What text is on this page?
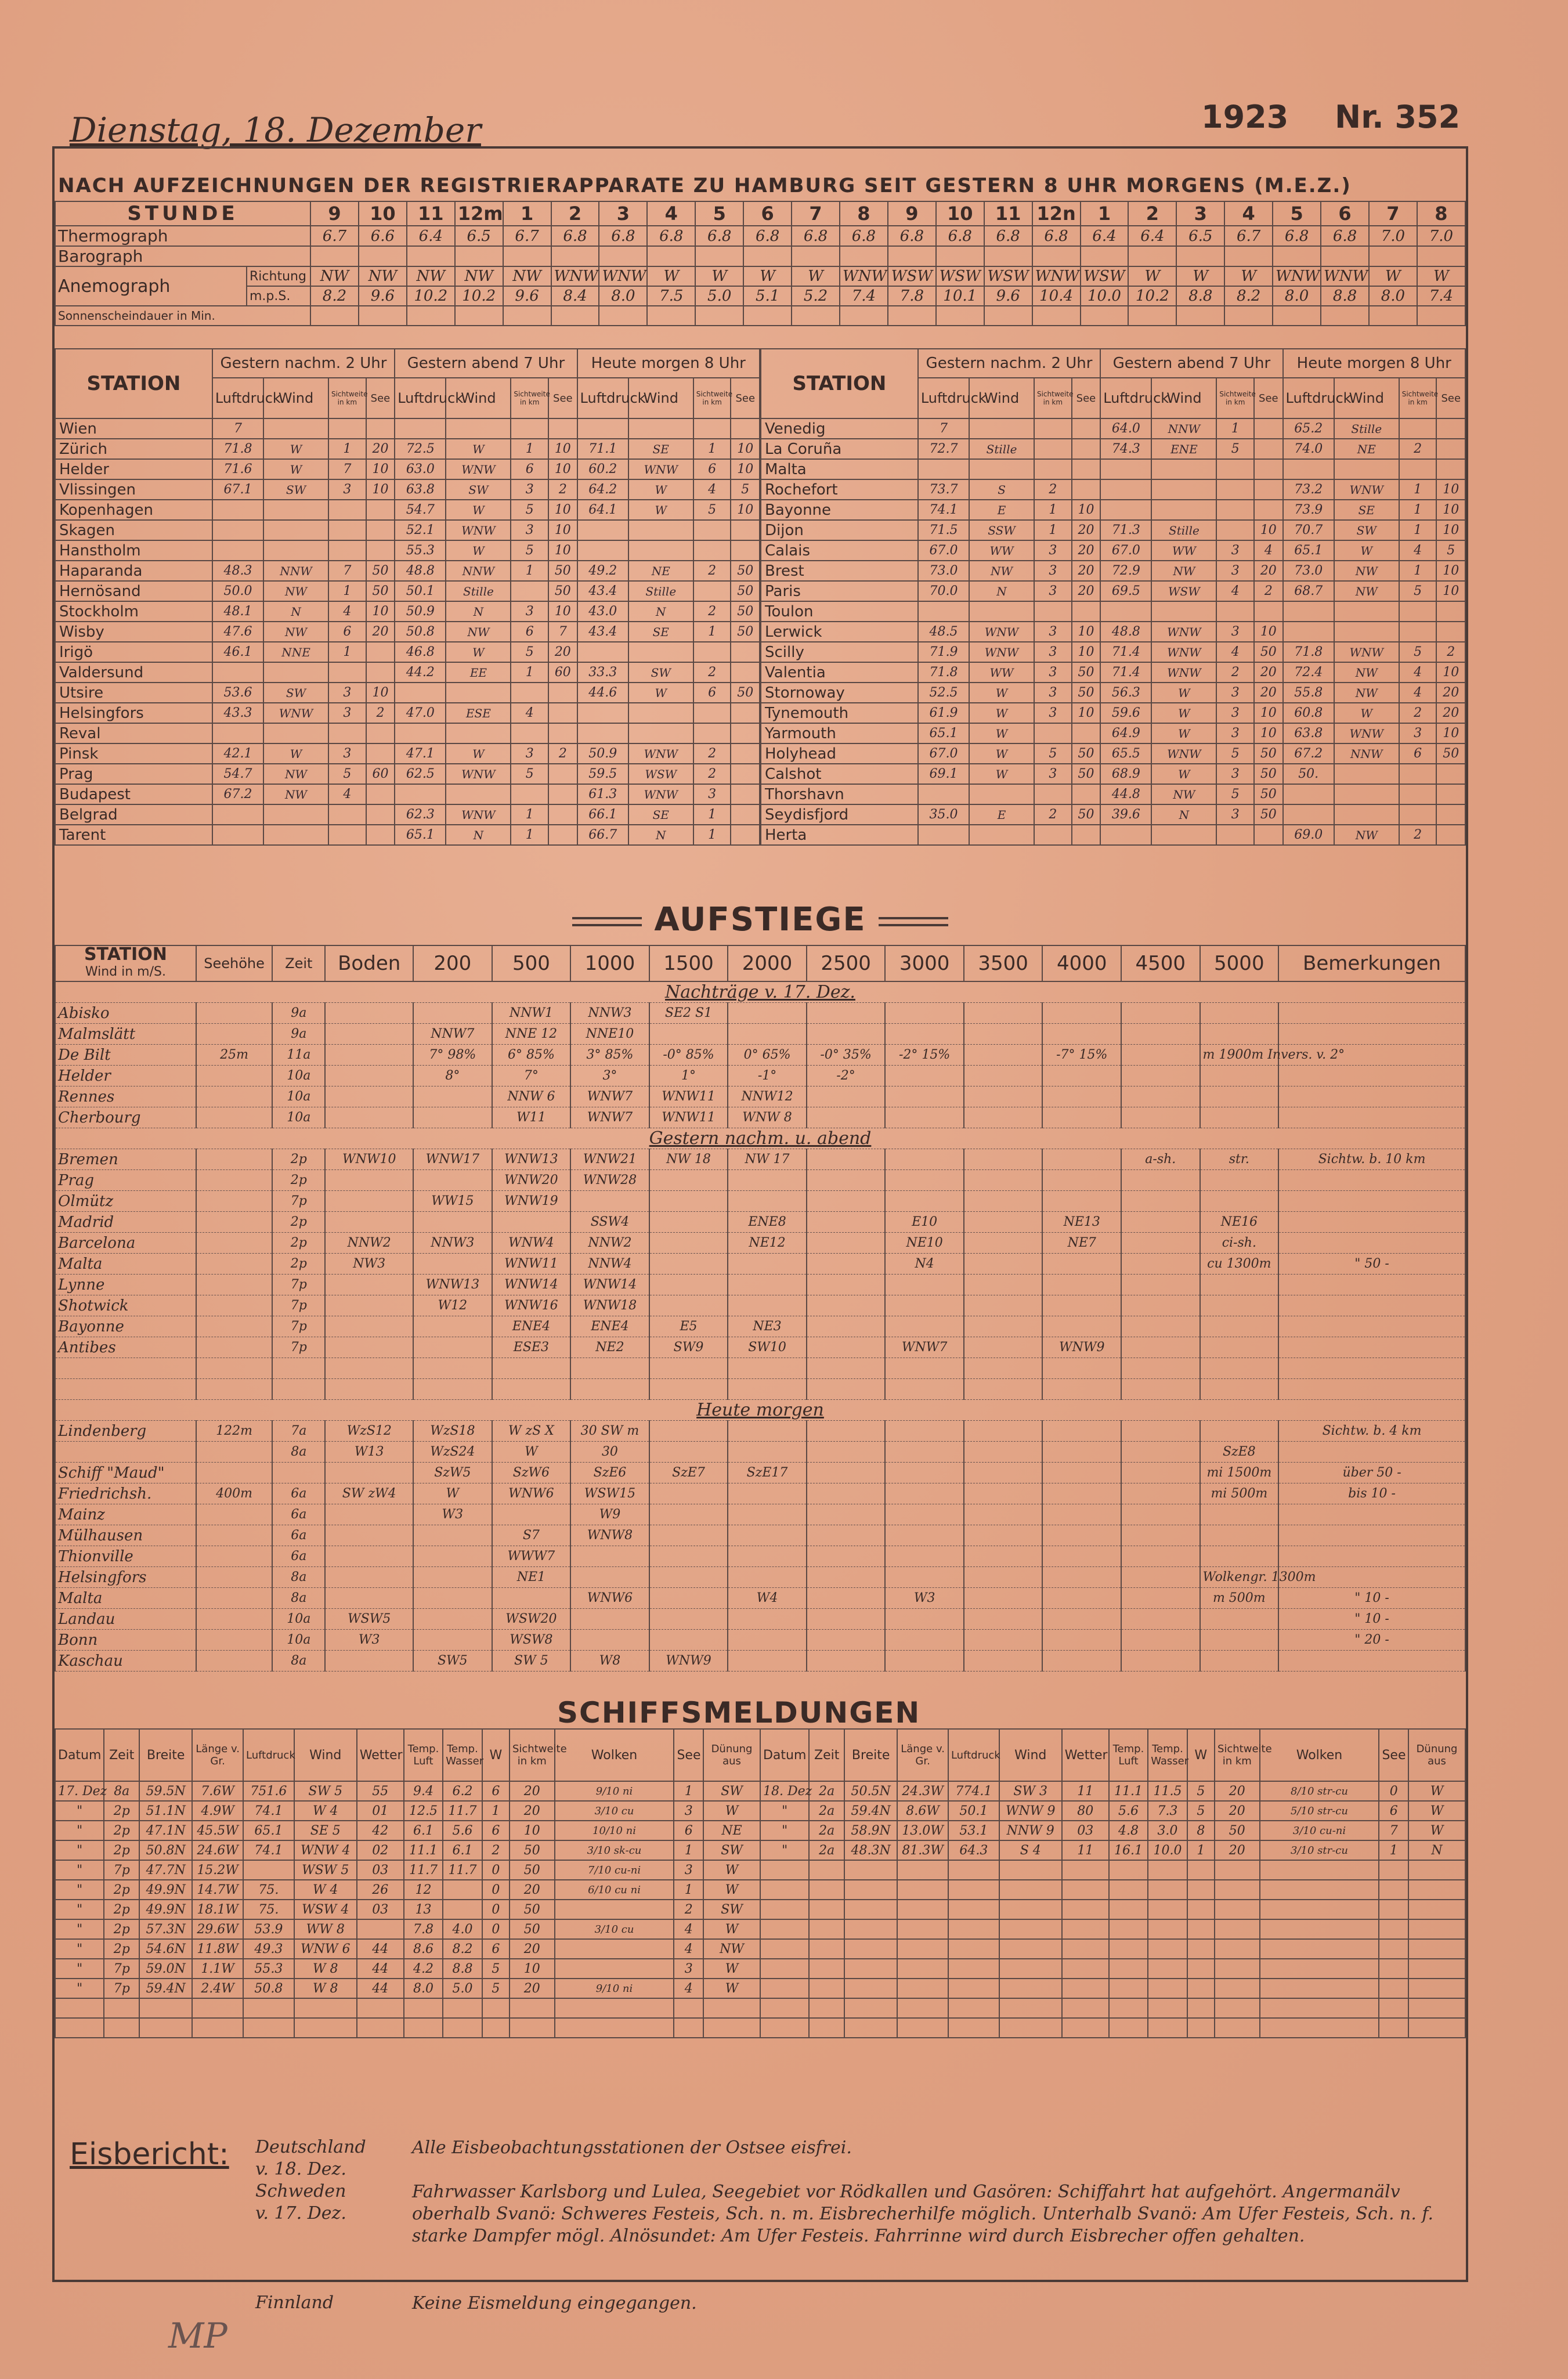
Dienstag, 18. Dezember	1923 Nr. 352
NACH AUFZEICHNUNGEN DER REGISTRIERAPPARATE ZU HAMBURG SEIT GESTERN 8 UHR MORGENS (M.E.Z.)
STUNDE		9	10	11	12m	1	2	3	4	5	6	7	8	9	10	11	12n	1	2	3	4	5	6	7	8
Thermograph		6.7	6.6	6.4	6.5	6.7	6.8	6.8	6.8	6.8	6.8	6.8	6.8	6.8	6.8	6.8	6.8	6.4	6.4	6.5	6.7	6.8	6.8	7.0	7.0
Barograph																									
Anemograph	Richtung	NW	NW	NW	NW	NW	WNW	WNW	W	W	W	W	WNW	WSW	WSW	WSW	WNW	WSW	W	W	W	WNW	WNW	W	W
	m.p.S.	8.2	9.6	10.2	10.2	9.6	8.4	8.0	7.5	5.0	5.1	5.2	7.4	7.8	10.1	9.6	10.4	10.0	10.2	8.8	8.2	8.0	8.8	8.0	7.4
Sonnenscheindauer in Min.																									
STATION	Gestern nachm. 2 Uhr				Gestern abend 7 Uhr				Heute morgen 8 Uhr			
	Luftdruck	Wind	Sichtweite in km	See	Luftdruck	Wind	Sichtweite in km	See	Luftdruck	Wind	Sichtweite in km	See
Wien	7											
Zürich	71.8	W	1	20	72.5	W	1	10	71.1	SE	1	10
Helder	71.6	W	7	10	63.0	WNW	6	10	60.2	WNW	6	10
Vlissingen	67.1	SW	3	10	63.8	SW	3	2	64.2	W	4	5
Kopenhagen					54.7	W	5	10	64.1	W	5	10
Skagen					52.1	WNW	3	10				
Hanstholm					55.3	W	5	10				
Haparanda	48.3	NNW	7	50	48.8	NNW	1	50	49.2	NE	2	50
Hernösand	50.0	NW	1	50	50.1	Stille		50	43.4	Stille		50
Stockholm	48.1	N	4	10	50.9	N	3	10	43.0	N	2	50
Wisby	47.6	NW	6	20	50.8	NW	6	7	43.4	SE	1	50
Irigö	46.1	NNE	1		46.8	W	5	20				
Valdersund					44.2	EE	1	60	33.3	SW	2	
Utsire	53.6	SW	3	10					44.6	W	6	50
Helsingfors	43.3	WNW	3	2	47.0	ESE	4					
Reval												
Pinsk	42.1	W	3		47.1	W	3	2	50.9	WNW	2	
Prag	54.7	NW	5	60	62.5	WNW	5		59.5	WSW	2	
Budapest	67.2	NW	4						61.3	WNW	3	
Belgrad					62.3	WNW	1		66.1	SE	1	
Tarent					65.1	N	1		66.7	N	1	
STATION	Gestern nachm. 2 Uhr				Gestern abend 7 Uhr				Heute morgen 8 Uhr			
	Luftdruck	Wind	Sichtweite in km	See	Luftdruck	Wind	Sichtweite in km	See	Luftdruck	Wind	Sichtweite in km	See
Venedig	7				64.0	NNW	1		65.2	Stille		
La Coruña	72.7	Stille			74.3	ENE	5		74.0	NE	2	
Malta												
Rochefort	73.7	S	2						73.2	WNW	1	10
Bayonne	74.1	E	1	10					73.9	SE	1	10
Dijon	71.5	SSW	1	20	71.3	Stille		10	70.7	SW	1	10
Calais	67.0	WW	3	20	67.0	WW	3	4	65.1	W	4	5
Brest	73.0	NW	3	20	72.9	NW	3	20	73.0	NW	1	10
Paris	70.0	N	3	20	69.5	WSW	4	2	68.7	NW	5	10
Toulon												
Lerwick	48.5	WNW	3	10	48.8	WNW	3	10				
Scilly	71.9	WNW	3	10	71.4	WNW	4	50	71.8	WNW	5	2
Valentia	71.8	WW	3	50	71.4	WNW	2	20	72.4	NW	4	10
Stornoway	52.5	W	3	50	56.3	W	3	20	55.8	NW	4	20
Tynemouth	61.9	W	3	10	59.6	W	3	10	60.8	W	2	20
Yarmouth	65.1	W			64.9	W	3	10	63.8	WNW	3	10
Holyhead	67.0	W	5	50	65.5	WNW	5	50	67.2	NNW	6	50
Calshot	69.1	W	3	50	68.9	W	3	50	50.			
Thorshavn					44.8	NW	5	50				
Seydisfjord	35.0	E	2	50	39.6	N	3	50				
Herta									69.0	NW	2	
AUFSTIEGE
STATION
Wind in m/S.	Seehöhe	Zeit	Boden	200	500	1000	1500	2000	2500	3000	3500	4000	4500	5000	Bemerkungen
Nachträge v. 17. Dez.															
Abisko		9a			NNW1	NNW3	SE2 S1								
Malmslätt		9a		NNW7	NNE 12	NNE10									
De Bilt	25m	11a		7° 98%	6° 85%	3° 85%	-0° 85%	0° 65%	-0° 35%	-2° 15%		-7° 15%		m 1900m Invers. v. 2°	
Helder		10a		8°	7°	3°	1°	-1°	-2°						
Rennes		10a			NNW 6	WNW7	WNW11	NNW12							
Cherbourg		10a			W11	WNW7	WNW11	WNW 8							
Gestern nachm. u. abend															
Bremen		2p	WNW10	WNW17	WNW13	WNW21	NW 18	NW 17					a-sh.	str.	Sichtw. b. 10 km
Prag		2p			WNW20	WNW28									
Olmütz		7p		WW15	WNW19										
Madrid		2p				SSW4		ENE8		E10		NE13		NE16	
Barcelona		2p	NNW2	NNW3	WNW4	NNW2		NE12		NE10		NE7		ci-sh.	
Malta		2p	NW3		WNW11	NNW4				N4				cu 1300m	" 50 -
Lynne		7p		WNW13	WNW14	WNW14									
Shotwick		7p		W12	WNW16	WNW18									
Bayonne		7p			ENE4	ENE4	E5	NE3							
Antibes		7p			ESE3	NE2	SW9	SW10		WNW7		WNW9			

Heute morgen															
Lindenberg	122m	7a	WzS12	WzS18	W zS X	30 SW m									Sichtw. b. 4 km
		8a	W13	WzS24	W	30								SzE8	
Schiff "Maud"				SzW5	SzW6	SzE6	SzE7	SzE17						mi 1500m	über 50 -
Friedrichsh.	400m	6a	SW zW4	W	WNW6	WSW15								mi 500m	bis 10 -
Mainz		6a		W3		W9									
Mülhausen		6a			S7	WNW8									
Thionville		6a			WWW7										
Helsingfors		8a			NE1									Wolkengr. 1300m	
Malta		8a				WNW6		W4		W3				m 500m	" 10 -
Landau		10a	WSW5		WSW20										" 10 -
Bonn		10a	W3		WSW8										" 20 -
Kaschau		8a		SW5	SW 5	W8	WNW9								
SCHIFFSMELDUNGEN
Datum	Zeit	Breite	Länge v. Gr.	Luftdruck	Wind	Wetter	Temp. Luft	Temp. Wasser	W	Sichtweite in km	Wolken	See	Dünung aus	Datum	Zeit	Breite	Länge v. Gr.	Luftdruck	Wind	Wetter	Temp. Luft	Temp. Wasser	W	Sichtweite in km	Wolken	See	Dünung aus
17. Dez	8a	59.5N	7.6W	751.6	SW 5	55	9.4	6.2	6	20	9/10 ni	1	SW	18. Dez	2a	50.5N	24.3W	774.1	SW 3	11	11.1	11.5	5	20	8/10 str-cu	0	W
"	2p	51.1N	4.9W	74.1	W 4	01	12.5	11.7	1	20	3/10 cu	3	W	"	2a	59.4N	8.6W	50.1	WNW 9	80	5.6	7.3	5	20	5/10 str-cu	6	W
"	2p	47.1N	45.5W	65.1	SE 5	42	6.1	5.6	6	10	10/10 ni	6	NE	"	2a	58.9N	13.0W	53.1	NNW 9	03	4.8	3.0	8	50	3/10 cu-ni	7	W
"	2p	50.8N	24.6W	74.1	WNW 4	02	11.1	6.1	2	50	3/10 sk-cu	1	SW	"	2a	48.3N	81.3W	64.3	S 4	11	16.1	10.0	1	20	3/10 str-cu	1	N
"	7p	47.7N	15.2W		WSW 5	03	11.7	11.7	0	50	7/10 cu-ni	3	W														
"	2p	49.9N	14.7W	75.	W 4	26	12		0	20	6/10 cu ni	1	W														
"	2p	49.9N	18.1W	75.	WSW 4	03	13		0	50		2	SW														
"	2p	57.3N	29.6W	53.9	WW 8		7.8	4.0	0	50	3/10 cu	4	W														
"	2p	54.6N	11.8W	49.3	WNW 6	44	8.6	8.2	6	20		4	NW														
"	7p	59.0N	1.1W	55.3	W 8	44	4.2	8.8	5	10		3	W														
"	7p	59.4N	2.4W	50.8	W 8	44	8.0	5.0	5	20	9/10 ni	4	W														

Eisbericht: Deutschland
v. 18. Dez.
Alle Eisbeobachtungsstationen der Ostsee eisfrei.
Schweden
v. 17. Dez.
Fahrwasser Karlsborg und Lulea, Seegebiet vor Rödkallen und Gasören: Schiffahrt hat aufgehört. Angermanälv oberhalb Svanö: Schweres Festeis, Sch. n. m. Eisbrecherhilfe möglich. Unterhalb Svanö: Am Ufer Festeis, Sch. n. f. starke Dampfer mögl. Alnösundet: Am Ufer Festeis. Fahrrinne wird durch Eisbrecher offen gehalten.
Finnland	Keine Eismeldung eingegangen.
MP
